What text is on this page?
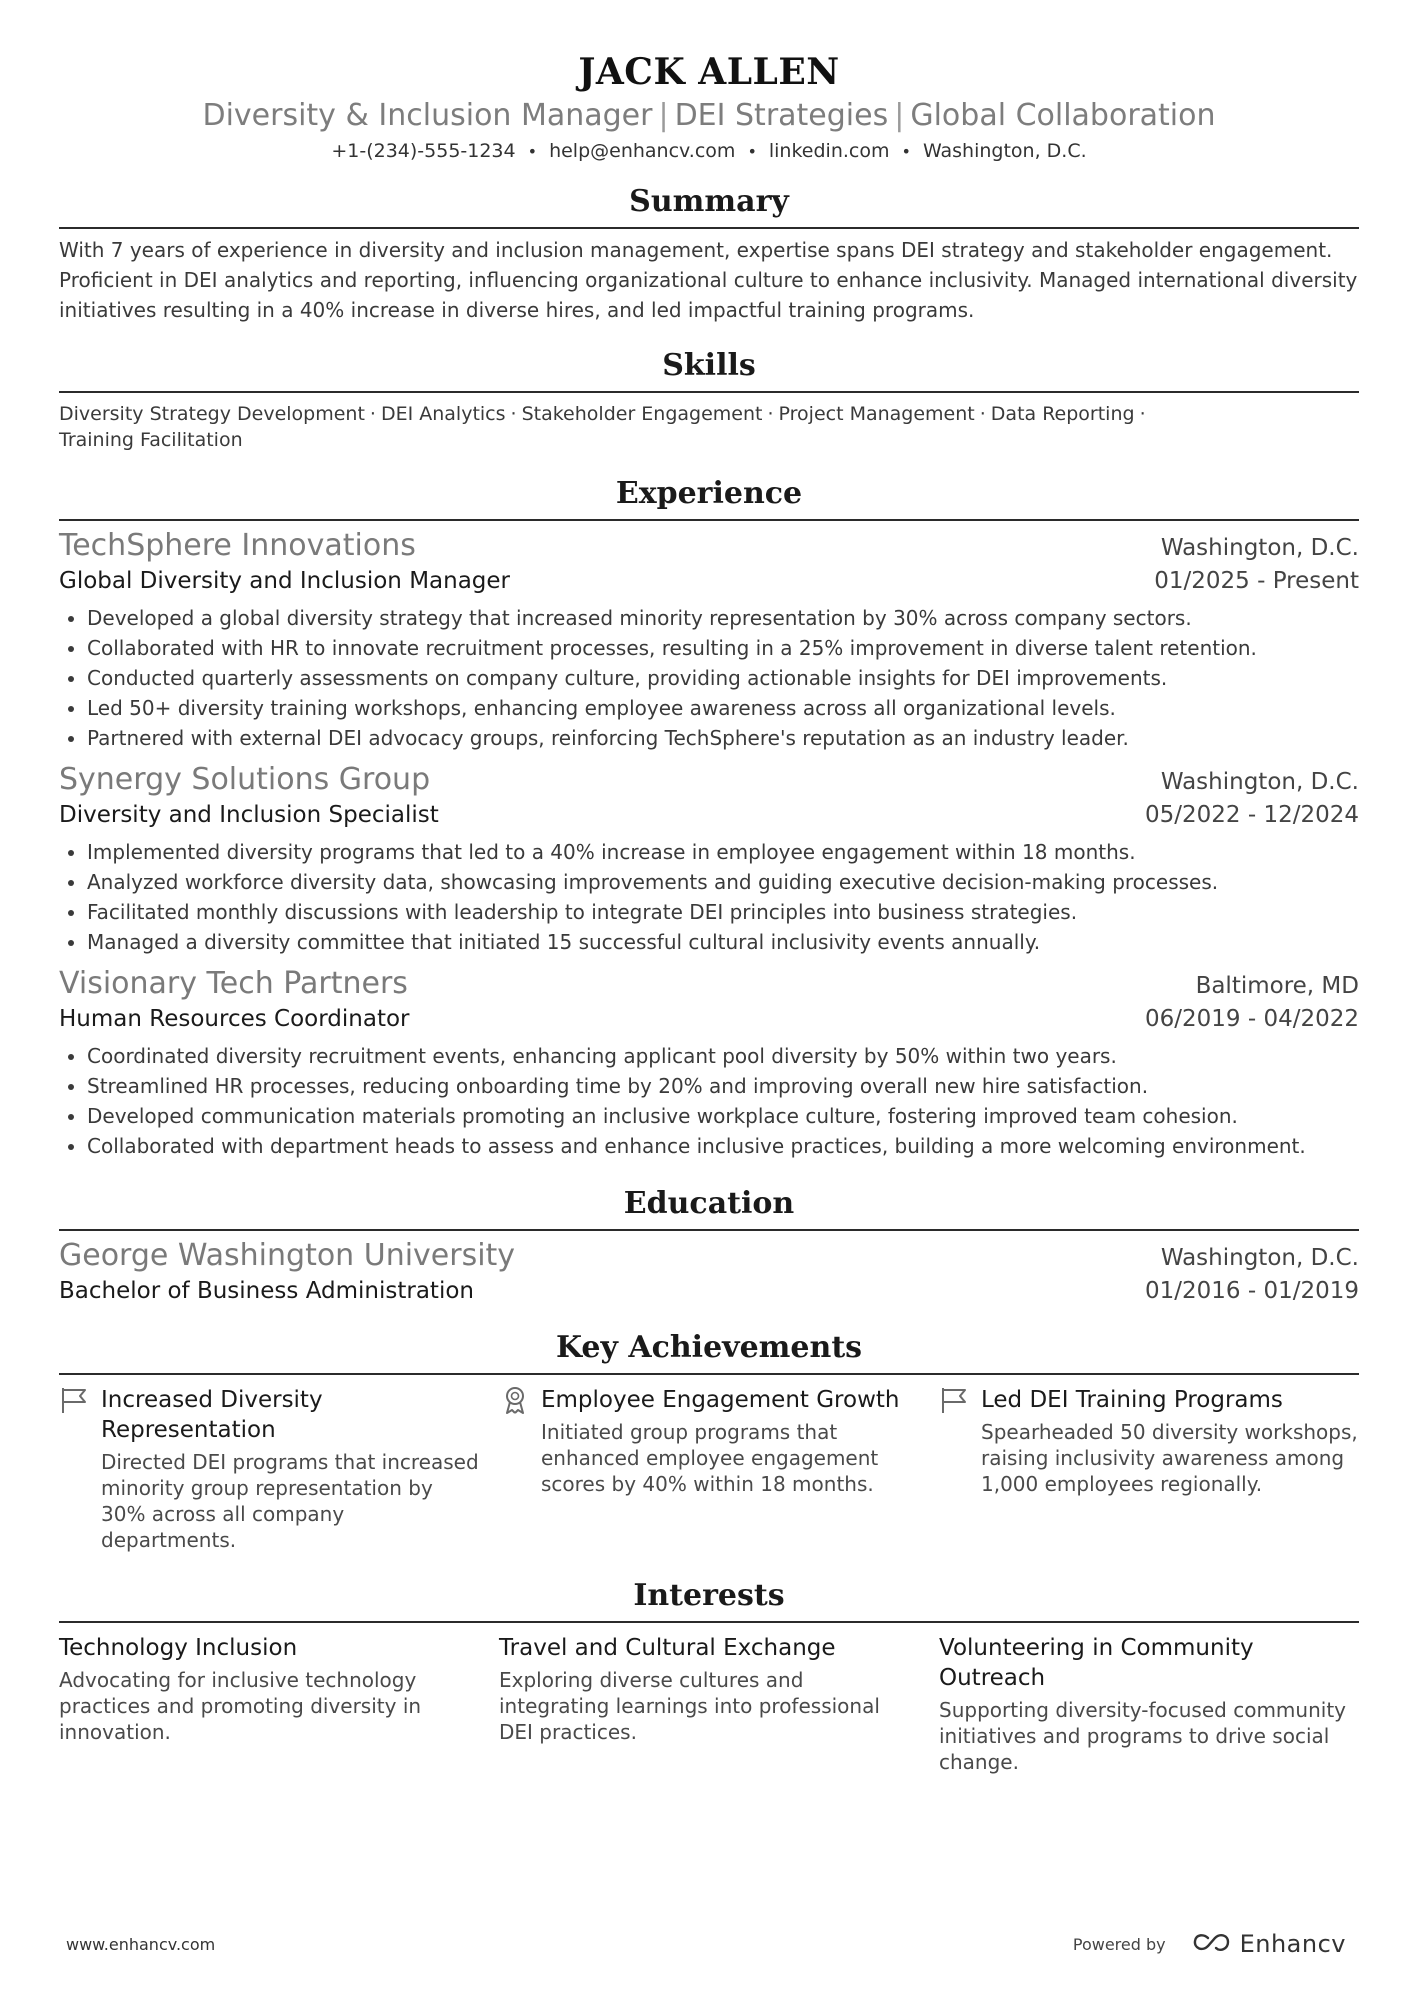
JACK ALLEN
Diversity & Inclusion Manager | DEI Strategies | Global Collaboration
+1-(234)-555-1234 • help@enhancv.com • linkedin.com • Washington, D.C.
Summary
With 7 years of experience in diversity and inclusion management, expertise spans DEI strategy and stakeholder engagement. Proficient in DEI analytics and reporting, influencing organizational culture to enhance inclusivity. Managed international diversity initiatives resulting in a 40% increase in diverse hires, and led impactful training programs.
Skills
Diversity Strategy Development · DEI Analytics · Stakeholder Engagement · Project Management · Data Reporting ·
Training Facilitation
Experience
TechSphere Innovations	Washington, D.C.
Global Diversity and Inclusion Manager	01/2025 - Present
• Developed a global diversity strategy that increased minority representation by 30% across company sectors.
• Collaborated with HR to innovate recruitment processes, resulting in a 25% improvement in diverse talent retention.
• Conducted quarterly assessments on company culture, providing actionable insights for DEI improvements.
• Led 50+ diversity training workshops, enhancing employee awareness across all organizational levels.
• Partnered with external DEI advocacy groups, reinforcing TechSphere's reputation as an industry leader.
Synergy Solutions Group	Washington, D.C.
Diversity and Inclusion Specialist	05/2022 - 12/2024
• Implemented diversity programs that led to a 40% increase in employee engagement within 18 months.
• Analyzed workforce diversity data, showcasing improvements and guiding executive decision-making processes.
• Facilitated monthly discussions with leadership to integrate DEI principles into business strategies.
• Managed a diversity committee that initiated 15 successful cultural inclusivity events annually.
Visionary Tech Partners	Baltimore, MD
Human Resources Coordinator	06/2019 - 04/2022
• Coordinated diversity recruitment events, enhancing applicant pool diversity by 50% within two years.
• Streamlined HR processes, reducing onboarding time by 20% and improving overall new hire satisfaction.
• Developed communication materials promoting an inclusive workplace culture, fostering improved team cohesion.
• Collaborated with department heads to assess and enhance inclusive practices, building a more welcoming environment.
Education
George Washington University	Washington, D.C.
Bachelor of Business Administration	01/2016 - 01/2019
Key Achievements
Increased Diversity Representation
Directed DEI programs that increased minority group representation by 30% across all company departments.
Employee Engagement Growth
Initiated group programs that enhanced employee engagement scores by 40% within 18 months.
Led DEI Training Programs
Spearheaded 50 diversity workshops, raising inclusivity awareness among 1,000 employees regionally.
Interests
Technology Inclusion
Advocating for inclusive technology practices and promoting diversity in innovation.
Travel and Cultural Exchange
Exploring diverse cultures and integrating learnings into professional DEI practices.
Volunteering in Community Outreach
Supporting diversity-focused community initiatives and programs to drive social change.
www.enhancv.com	Powered by	Enhancv
